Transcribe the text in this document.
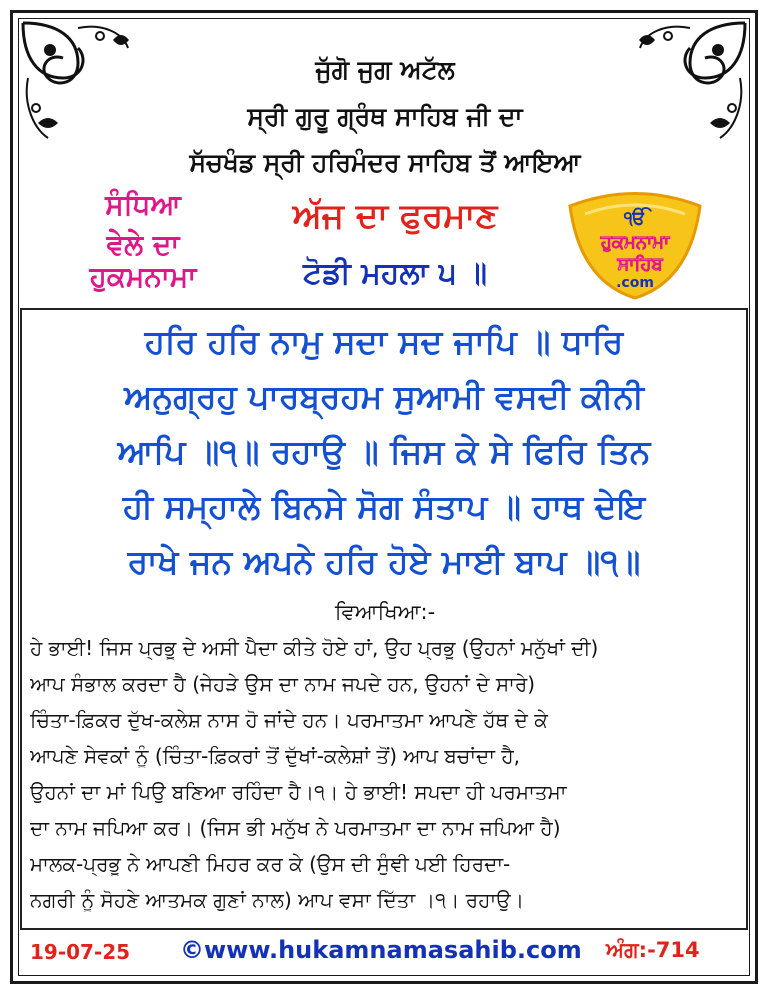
ਜੁੱਗੋ ਜੁਗ ਅਟੱਲ
ਸ੍ਰੀ ਗੁਰੂ ਗ੍ਰੰਥ ਸਾਹਿਬ ਜੀ ਦਾ
ਸੱਚਖੰਡ ਸ੍ਰੀ ਹਰਿਮੰਦਰ ਸਾਹਿਬ ਤੋਂ ਆਇਆ
ਸੰਧਿਆ
ਵੇਲੇ ਦਾ
ਹੁਕਮਨਾਮਾ
ਅੱਜ ਦਾ ਫੁਰਮਾਣ
ਟੋਡੀ ਮਹਲਾ ੫ ॥
ੴ
ਹੁਕਮਨਾਮਾ
ਸਾਹਿਬ
.com
ਹਰਿ ਹਰਿ ਨਾਮੁ ਸਦਾ ਸਦ ਜਾਪਿ ॥ ਧਾਰਿ
ਅਨੁਗ੍ਰਹੁ ਪਾਰਬ੍ਰਹਮ ਸੁਆਮੀ ਵਸਦੀ ਕੀਨੀ
ਆਪਿ ॥੧॥ ਰਹਾਉ ॥ ਜਿਸ ਕੇ ਸੇ ਫਿਰਿ ਤਿਨ
ਹੀ ਸਮ੍ਹਾਲੇ ਬਿਨਸੇ ਸੋਗ ਸੰਤਾਪ ॥ ਹਾਥ ਦੇਇ
ਰਾਖੇ ਜਨ ਅਪਨੇ ਹਰਿ ਹੋਏ ਮਾਈ ਬਾਪ ॥੧॥
ਵਿਆਖਿਆ:-
ਹੇ ਭਾਈ! ਜਿਸ ਪ੍ਰਭੂ ਦੇ ਅਸੀ ਪੈਦਾ ਕੀਤੇ ਹੋਏ ਹਾਂ, ਉਹ ਪ੍ਰਭੂ (ਉਹਨਾਂ ਮਨੁੱਖਾਂ ਦੀ)
ਆਪ ਸੰਭਾਲ ਕਰਦਾ ਹੈ (ਜੇਹੜੇ ਉਸ ਦਾ ਨਾਮ ਜਪਦੇ ਹਨ, ਉਹਨਾਂ ਦੇ ਸਾਰੇ)
ਚਿੰਤਾ-ਫ਼ਿਕਰ ਦੁੱਖ-ਕਲੇਸ਼ ਨਾਸ ਹੋ ਜਾਂਦੇ ਹਨ। ਪਰਮਾਤਮਾ ਆਪਣੇ ਹੱਥ ਦੇ ਕੇ
ਆਪਣੇ ਸੇਵਕਾਂ ਨੂੰ (ਚਿੰਤਾ-ਫ਼ਿਕਰਾਂ ਤੋਂ ਦੁੱਖਾਂ-ਕਲੇਸ਼ਾਂ ਤੋਂ) ਆਪ ਬਚਾਂਦਾ ਹੈ,
ਉਹਨਾਂ ਦਾ ਮਾਂ ਪਿਉ ਬਣਿਆ ਰਹਿੰਦਾ ਹੈ।੧। ਹੇ ਭਾਈ! ਸਪਦਾ ਹੀ ਪਰਮਾਤਮਾ
ਦਾ ਨਾਮ ਜਪਿਆ ਕਰ। (ਜਿਸ ਭੀ ਮਨੁੱਖ ਨੇ ਪਰਮਾਤਮਾ ਦਾ ਨਾਮ ਜਪਿਆ ਹੈ)
ਮਾਲਕ-ਪ੍ਰਭੂ ਨੇ ਆਪਣੀ ਮਿਹਰ ਕਰ ਕੇ (ਉਸ ਦੀ ਸੁੰਞੀ ਪਈ ਹਿਰਦਾ-
ਨਗਰੀ ਨੂੰ ਸੋਹਣੇ ਆਤਮਕ ਗੁਣਾਂ ਨਾਲ) ਆਪ ਵਸਾ ਦਿੱਤਾ ।੧। ਰਹਾਉ।
19-07-25 ©www.hukamnamasahib.com ਅੰਗ:-714
